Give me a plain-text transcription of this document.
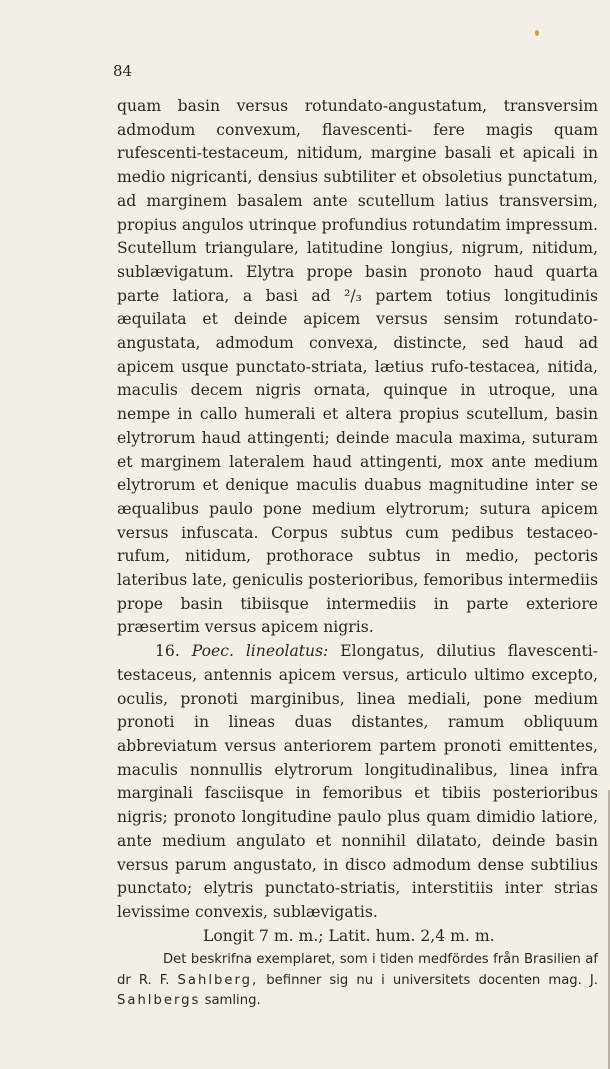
84

quam basin versus rotundato-angustatum, transversim admodum convexum, flavescenti- fere magis quam rufescenti-testaceum, nitidum, margine basali et apicali in medio nigricanti, densius subtiliter et obsoletius punctatum, ad marginem basalem ante scutellum latius transversim, propius angulos utrinque profundius rotundatim impressum. Scutellum triangulare, latitudine longius, nigrum, nitidum, sublævigatum. Elytra prope basin pronoto haud quarta parte latiora, a basi ad ²/₃ partem totius longitudinis æquilata et deinde apicem versus sensim rotundato-angustata, admodum convexa, distincte, sed haud ad apicem usque punctato-striata, lætius rufo-testacea, nitida, maculis decem nigris ornata, quinque in utroque, una nempe in callo humerali et altera propius scutellum, basin elytrorum haud attingenti; deinde macula maxima, suturam et marginem lateralem haud attingenti, mox ante medium elytrorum et denique maculis duabus magnitudine inter se æqualibus paulo pone medium elytrorum; sutura apicem versus infuscata. Corpus subtus cum pedibus testaceo-rufum, nitidum, prothorace subtus in medio, pectoris lateribus late, geniculis posterioribus, femoribus intermediis prope basin tibiisque intermediis in parte exteriore præsertim versus apicem nigris.

16. Poec. lineolatus: Elongatus, dilutius flavescenti-testaceus, antennis apicem versus, articulo ultimo excepto, oculis, pronoti marginibus, linea mediali, pone medium pronoti in lineas duas distantes, ramum obliquum abbreviatum versus anteriorem partem pronoti emittentes, maculis nonnullis elytrorum longitudinalibus, linea infra marginali fasciisque in femoribus et tibiis posterioribus nigris; pronoto longitudine paulo plus quam dimidio latiore, ante medium angulato et nonnihil dilatato, deinde basin versus parum angustato, in disco admodum dense subtilius punctato; elytris punctato-striatis, interstitiis inter strias levissime convexis, sublævigatis.

Longit 7 m. m.; Latit. hum. 2,4 m. m.

Det beskrifna exemplaret, som i tiden medfördes från Brasilien af dr R. F. Sahlberg, befinner sig nu i universitets docenten mag. J. Sahlbergs samling.
